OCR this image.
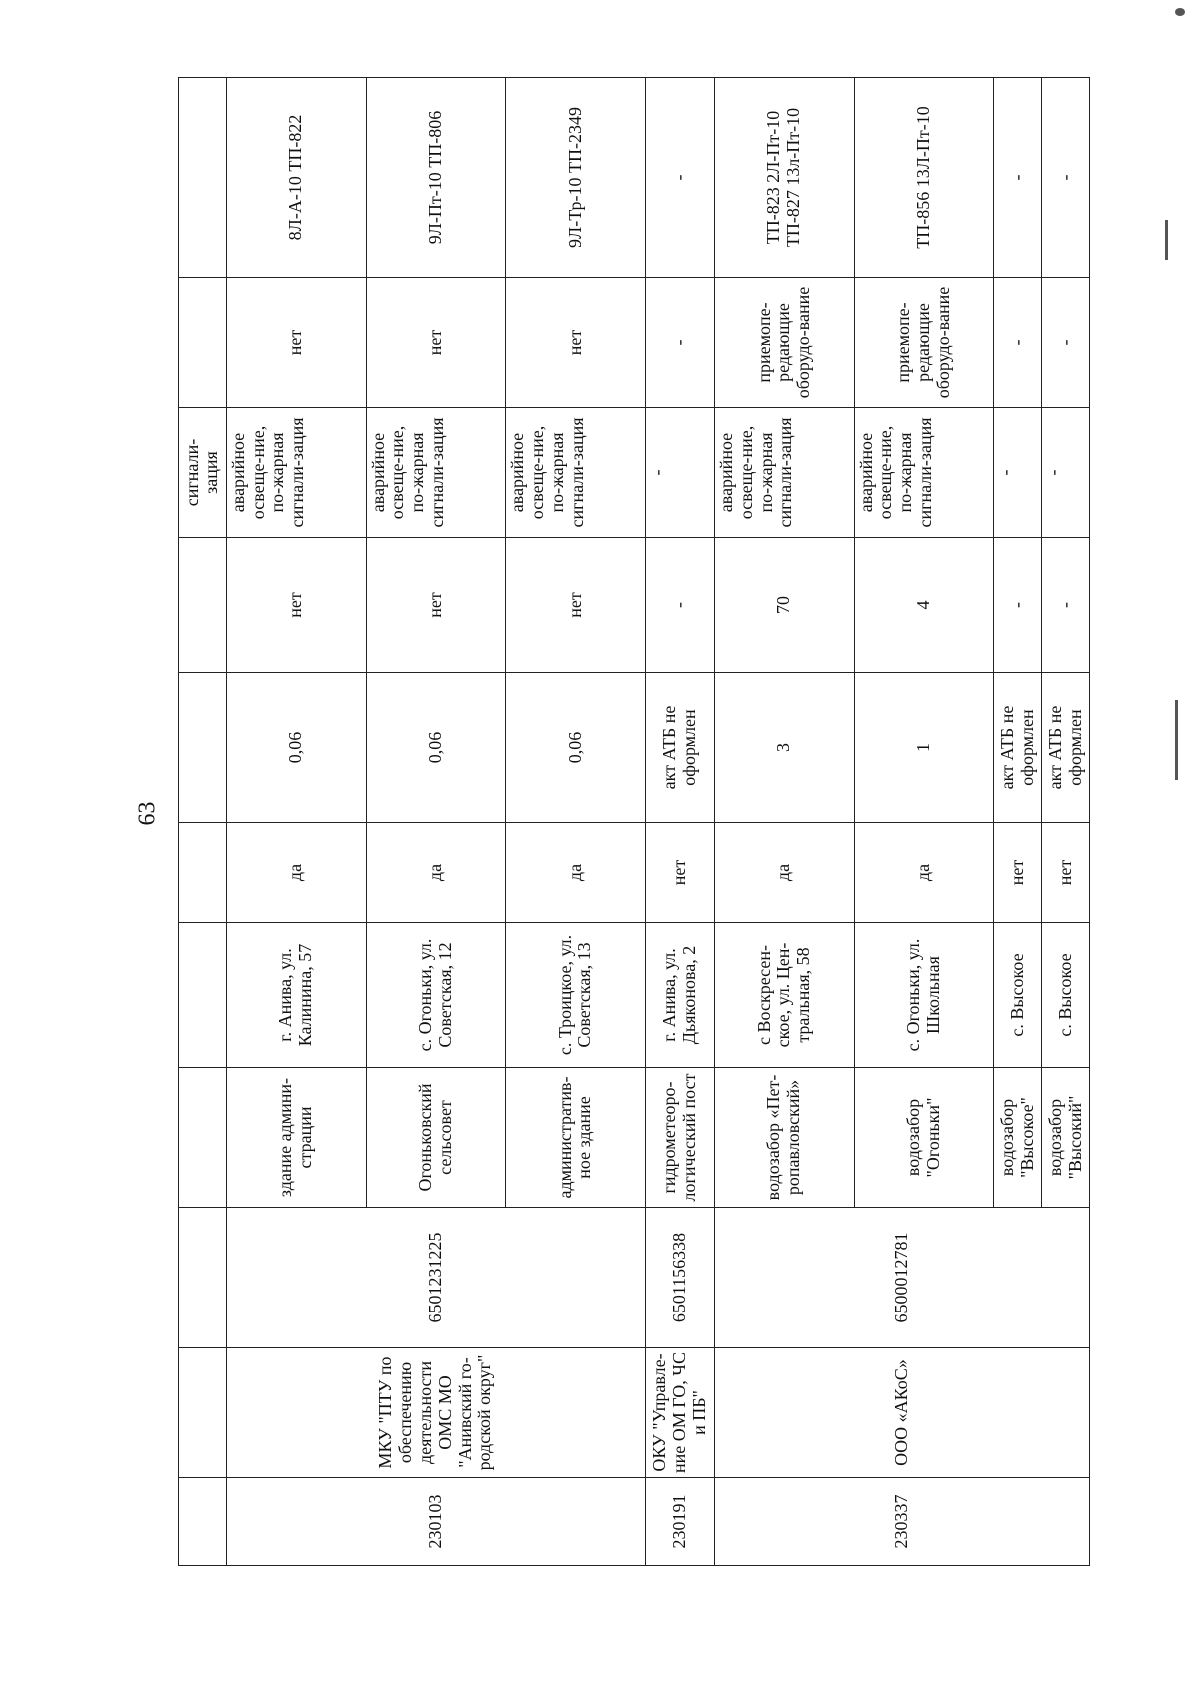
63
								сигнали-
зация		
230103	МКУ "ПТУ по обеспечению деятельности ОМС МО "Анивский го-родской округ"	6501231225	здание админи-страции	г. Анива, ул. Калинина, 57	да	0,06	нет	аварийное освеще-ние, по-жарная сигнали-зация	нет	8Л-А-10 ТП-822
			Огоньковский сельсовет	с. Огоньки, ул. Советская, 12	да	0,06	нет	аварийное освеще-ние, по-жарная сигнали-зация	нет	9Л-Пт-10 ТП-806
			административ-ное здание	с. Троицкое, ул. Советская, 13	да	0,06	нет	аварийное освеще-ние, по-жарная сигнали-зация	нет	9Л-Тр-10 ТП-2349
230191	ОКУ "Управле-ние ОМ ГО, ЧС и ПБ"	6501156338	гидрометеоро-логический пост	г. Анива, ул. Дьяконова, 2	нет	акт АТБ не оформлен	-	-	-	-
230337	ООО «АКоС»	6500012781	водозабор «Пет-ропавловский»	с Воскресен-ское, ул. Цен-тральная, 58	да	3	70	аварийное освеще-ние, по-жарная сигнали-зация	приемопе-редающие оборудо-вание	ТП-823 2Л-Пт-10 ТП-827 13л-Пт-10
			водозабор "Огоньки"	с. Огоньки, ул. Школьная	да	1	4	аварийное освеще-ние, по-жарная сигнали-зация	приемопе-редающие оборудо-вание	ТП-856 13Л-Пт-10
			водозабор "Высокое"	с. Высокое	нет	акт АТБ не оформлен	-	-	-	-
			водозабор "Высокий"	с. Высокое	нет	акт АТБ не оформлен	-	-	-	-
